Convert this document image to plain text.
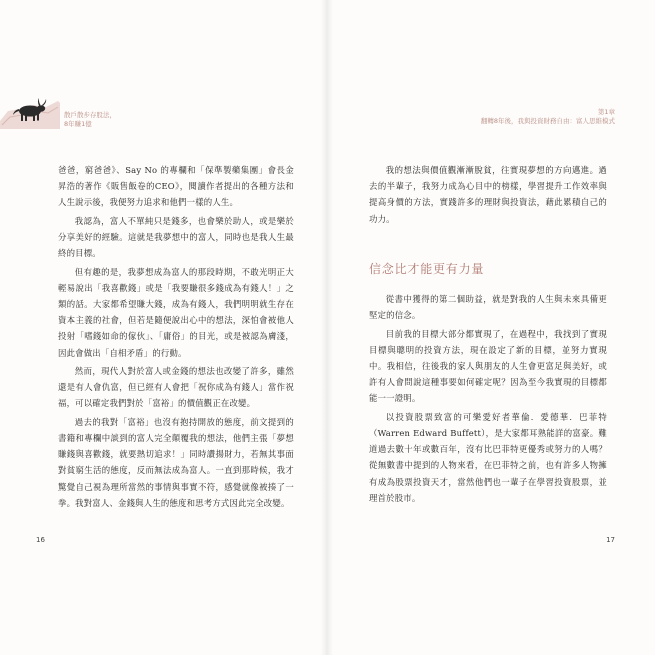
散戶散步存股法，
8年賺1億

爸爸，窮爸爸》、Say No 的專欄和「保準製藥集團」會長金昇浩的著作《販售飯卷的CEO》，閱讀作者提出的各種方法和人生說示後，我便努力追求和他們一樣的人生。

我認為，富人不單純只是錢多，也會樂於助人，或是樂於分享美好的經驗。這就是我夢想中的富人，同時也是我人生最終的目標。

但有趣的是，我夢想成為富人的那段時期，不敢光明正大輕易說出「我喜歡錢」或是「我要賺很多錢成為有錢人！」之類的話。大家都希望賺大錢，成為有錢人，我們明明就生存在資本主義的社會，但若是隨便說出心中的想法，深怕會被他人投射「嗜錢如命的傢伙」、「庸俗」的目光，或是被認為膚淺，因此會做出「自相矛盾」的行動。

然而，現代人對於富人或金錢的想法也改變了許多，雖然還是有人會仇富，但已經有人會把「祝你成為有錢人」當作祝福，可以確定我們對於「富裕」的價值觀正在改變。

過去的我對「富裕」也沒有抱持開放的態度，前文提到的書籍和專欄中談到的富人完全顛覆我的想法，他們主張「夢想賺錢與喜歡錢，就要熱切追求！」同時讚揚財力，若無其事面對貧窮生活的態度，反而無法成為富人。一直到那時候，我才驚覺自己視為理所當然的事情與事實不符，感覺就像被揍了一拳。我對富人、金錢與人生的態度和思考方式因此完全改變。

16
第1章
翻轉8年後，我與投資財務自由：富人思維模式

我的想法與價值觀漸漸脫貧，往實現夢想的方向邁進。過去的半輩子，我努力成為心目中的榜樣，學習提升工作效率與提高身價的方法，實踐許多的理財與投資法，藉此累積自己的功力。

信念比才能更有力量

從書中獲得的第二個助益，就是對我的人生與未來具備更堅定的信念。

目前我的目標大部分都實現了，在過程中，我找到了實現目標與聰明的投資方法，現在設定了新的目標，並努力實現中。我相信，往後我的家人與朋友的人生會更富足與美好，或許有人會問說這種事要如何確定呢？因為至今我實現的目標都能一一證明。

以投資股票致富的可樂愛好者華倫．愛德華．巴菲特（Warren Edward Buffett），是大家都耳熟能詳的富豪。難道過去數十年或數百年，沒有比巴菲特更優秀或努力的人嗎？從無數書中提到的人物來看，在巴菲特之前，也有許多人物擁有成為股票投資天才，當然他們也一輩子在學習投資股票，並理首於股市。

17
